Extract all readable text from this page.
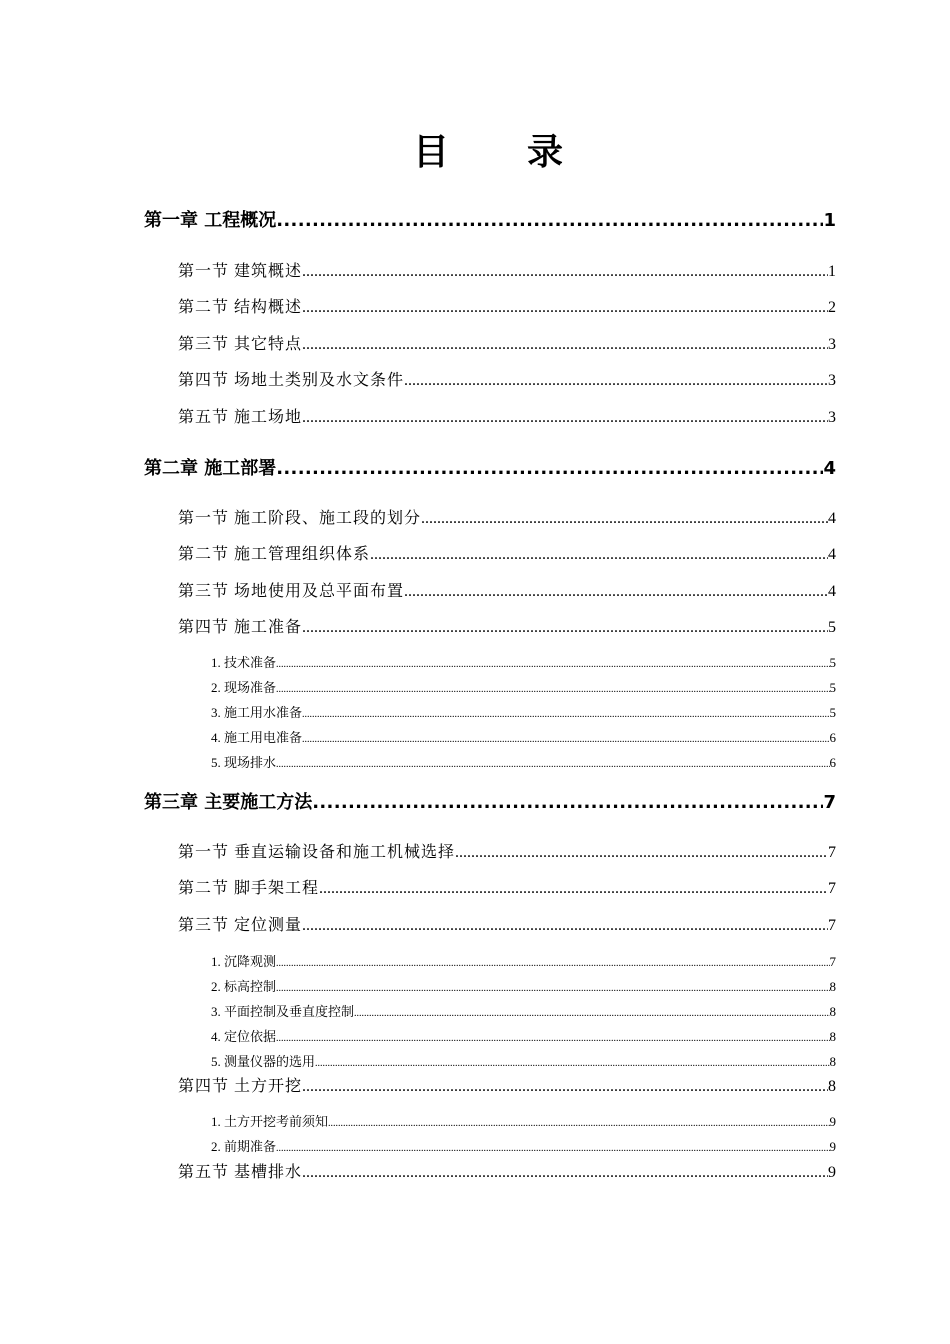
目 录
第一章 工程概况 .....	1
第一节 建筑概述 .....	1
第二节 结构概述 .....	2
第三节 其它特点 .....	3
第四节 场地土类别及水文条件 .....	3
第五节 施工场地 .....	3
第二章 施工部署 .....	4
第一节 施工阶段、施工段的划分 .....	4
第二节 施工管理组织体系 .....	4
第三节 场地使用及总平面布置 .....	4
第四节 施工准备 .....	5
1. 技术准备 .....	5
2. 现场准备 .....	5
3. 施工用水准备 .....	5
4. 施工用电准备 .....	6
5. 现场排水 .....	6
第三章 主要施工方法 .....	7
第一节 垂直运输设备和施工机械选择 .....	7
第二节 脚手架工程 .....	7
第三节 定位测量 .....	7
1. 沉降观测 .....	7
2. 标高控制 .....	8
3. 平面控制及垂直度控制 .....	8
4. 定位依据 .....	8
5. 测量仪器的选用 .....	8
第四节 土方开挖 .....	8
1. 土方开挖考前须知 .....	9
2. 前期准备 .....	9
第五节 基槽排水 .....	9
